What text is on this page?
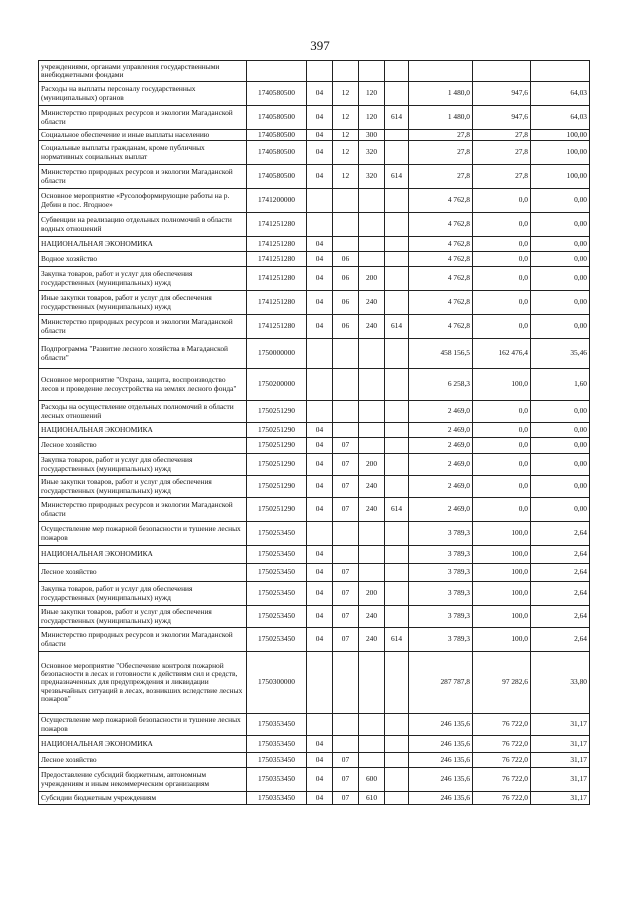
397
учреждениями, органами управления государственными внебюджетными фондами								
Расходы на выплаты персоналу государственных (муниципальных) органов	1740580500	04	12	120		1 480,0	947,6	64,03
Министерство природных ресурсов и экологии Магаданской области	1740580500	04	12	120	614	1 480,0	947,6	64,03
Социальное обеспечение и иные выплаты населению	1740580500	04	12	300		27,8	27,8	100,00
Социальные выплаты гражданам, кроме публичных нормативных социальных выплат	1740580500	04	12	320		27,8	27,8	100,00
Министерство природных ресурсов и экологии Магаданской области	1740580500	04	12	320	614	27,8	27,8	100,00
Основное мероприятие «Русолоформирующие работы на р. Дебин в пос. Ягодное»	1741200000					4 762,8	0,0	0,00
Субвенции на реализацию отдельных полномочий в области водных отношений	1741251280					4 762,8	0,0	0,00
НАЦИОНАЛЬНАЯ ЭКОНОМИКА	1741251280	04				4 762,8	0,0	0,00
Водное хозяйство	1741251280	04	06			4 762,8	0,0	0,00
Закупка товаров, работ и услуг для обеспечения государственных (муниципальных) нужд	1741251280	04	06	200		4 762,8	0,0	0,00
Иные закупки товаров, работ и услуг для обеспечения государственных (муниципальных) нужд	1741251280	04	06	240		4 762,8	0,0	0,00
Министерство природных ресурсов и экологии Магаданской области	1741251280	04	06	240	614	4 762,8	0,0	0,00
Подпрограмма "Развитие лесного хозяйства в Магаданской области"	1750000000					458 156,5	162 476,4	35,46
Основное мероприятие "Охрана, защита, воспроизводство лесов и проведение лесоустройства на землях лесного фонда"	1750200000					6 258,3	100,0	1,60
Расходы на осуществление отдельных полномочий в области лесных отношений	1750251290					2 469,0	0,0	0,00
НАЦИОНАЛЬНАЯ ЭКОНОМИКА	1750251290	04				2 469,0	0,0	0,00
Лесное хозяйство	1750251290	04	07			2 469,0	0,0	0,00
Закупка товаров, работ и услуг для обеспечения государственных (муниципальных) нужд	1750251290	04	07	200		2 469,0	0,0	0,00
Иные закупки товаров, работ и услуг для обеспечения государственных (муниципальных) нужд	1750251290	04	07	240		2 469,0	0,0	0,00
Министерство природных ресурсов и экологии Магаданской области	1750251290	04	07	240	614	2 469,0	0,0	0,00
Осуществление мер пожарной безопасности и тушение лесных пожаров	1750253450					3 789,3	100,0	2,64
НАЦИОНАЛЬНАЯ ЭКОНОМИКА	1750253450	04				3 789,3	100,0	2,64
Лесное хозяйство	1750253450	04	07			3 789,3	100,0	2,64
Закупка товаров, работ и услуг для обеспечения государственных (муниципальных) нужд	1750253450	04	07	200		3 789,3	100,0	2,64
Иные закупки товаров, работ и услуг для обеспечения государственных (муниципальных) нужд	1750253450	04	07	240		3 789,3	100,0	2,64
Министерство природных ресурсов и экологии Магаданской области	1750253450	04	07	240	614	3 789,3	100,0	2,64
Основное мероприятие "Обеспечение контроля пожарной безопасности в лесах и готовности к действиям сил и средств, предназначенных для предупреждения и ликвидации чрезвычайных ситуаций в лесах, возникших вследствие лесных пожаров"	1750300000					287 787,8	97 282,6	33,80
Осуществление мер пожарной безопасности и тушение лесных пожаров	1750353450					246 135,6	76 722,0	31,17
НАЦИОНАЛЬНАЯ ЭКОНОМИКА	1750353450	04				246 135,6	76 722,0	31,17
Лесное хозяйство	1750353450	04	07			246 135,6	76 722,0	31,17
Предоставление субсидий бюджетным, автономным учреждениям и иным некоммерческим организациям	1750353450	04	07	600		246 135,6	76 722,0	31,17
Субсидии бюджетным учреждениям	1750353450	04	07	610		246 135,6	76 722,0	31,17
